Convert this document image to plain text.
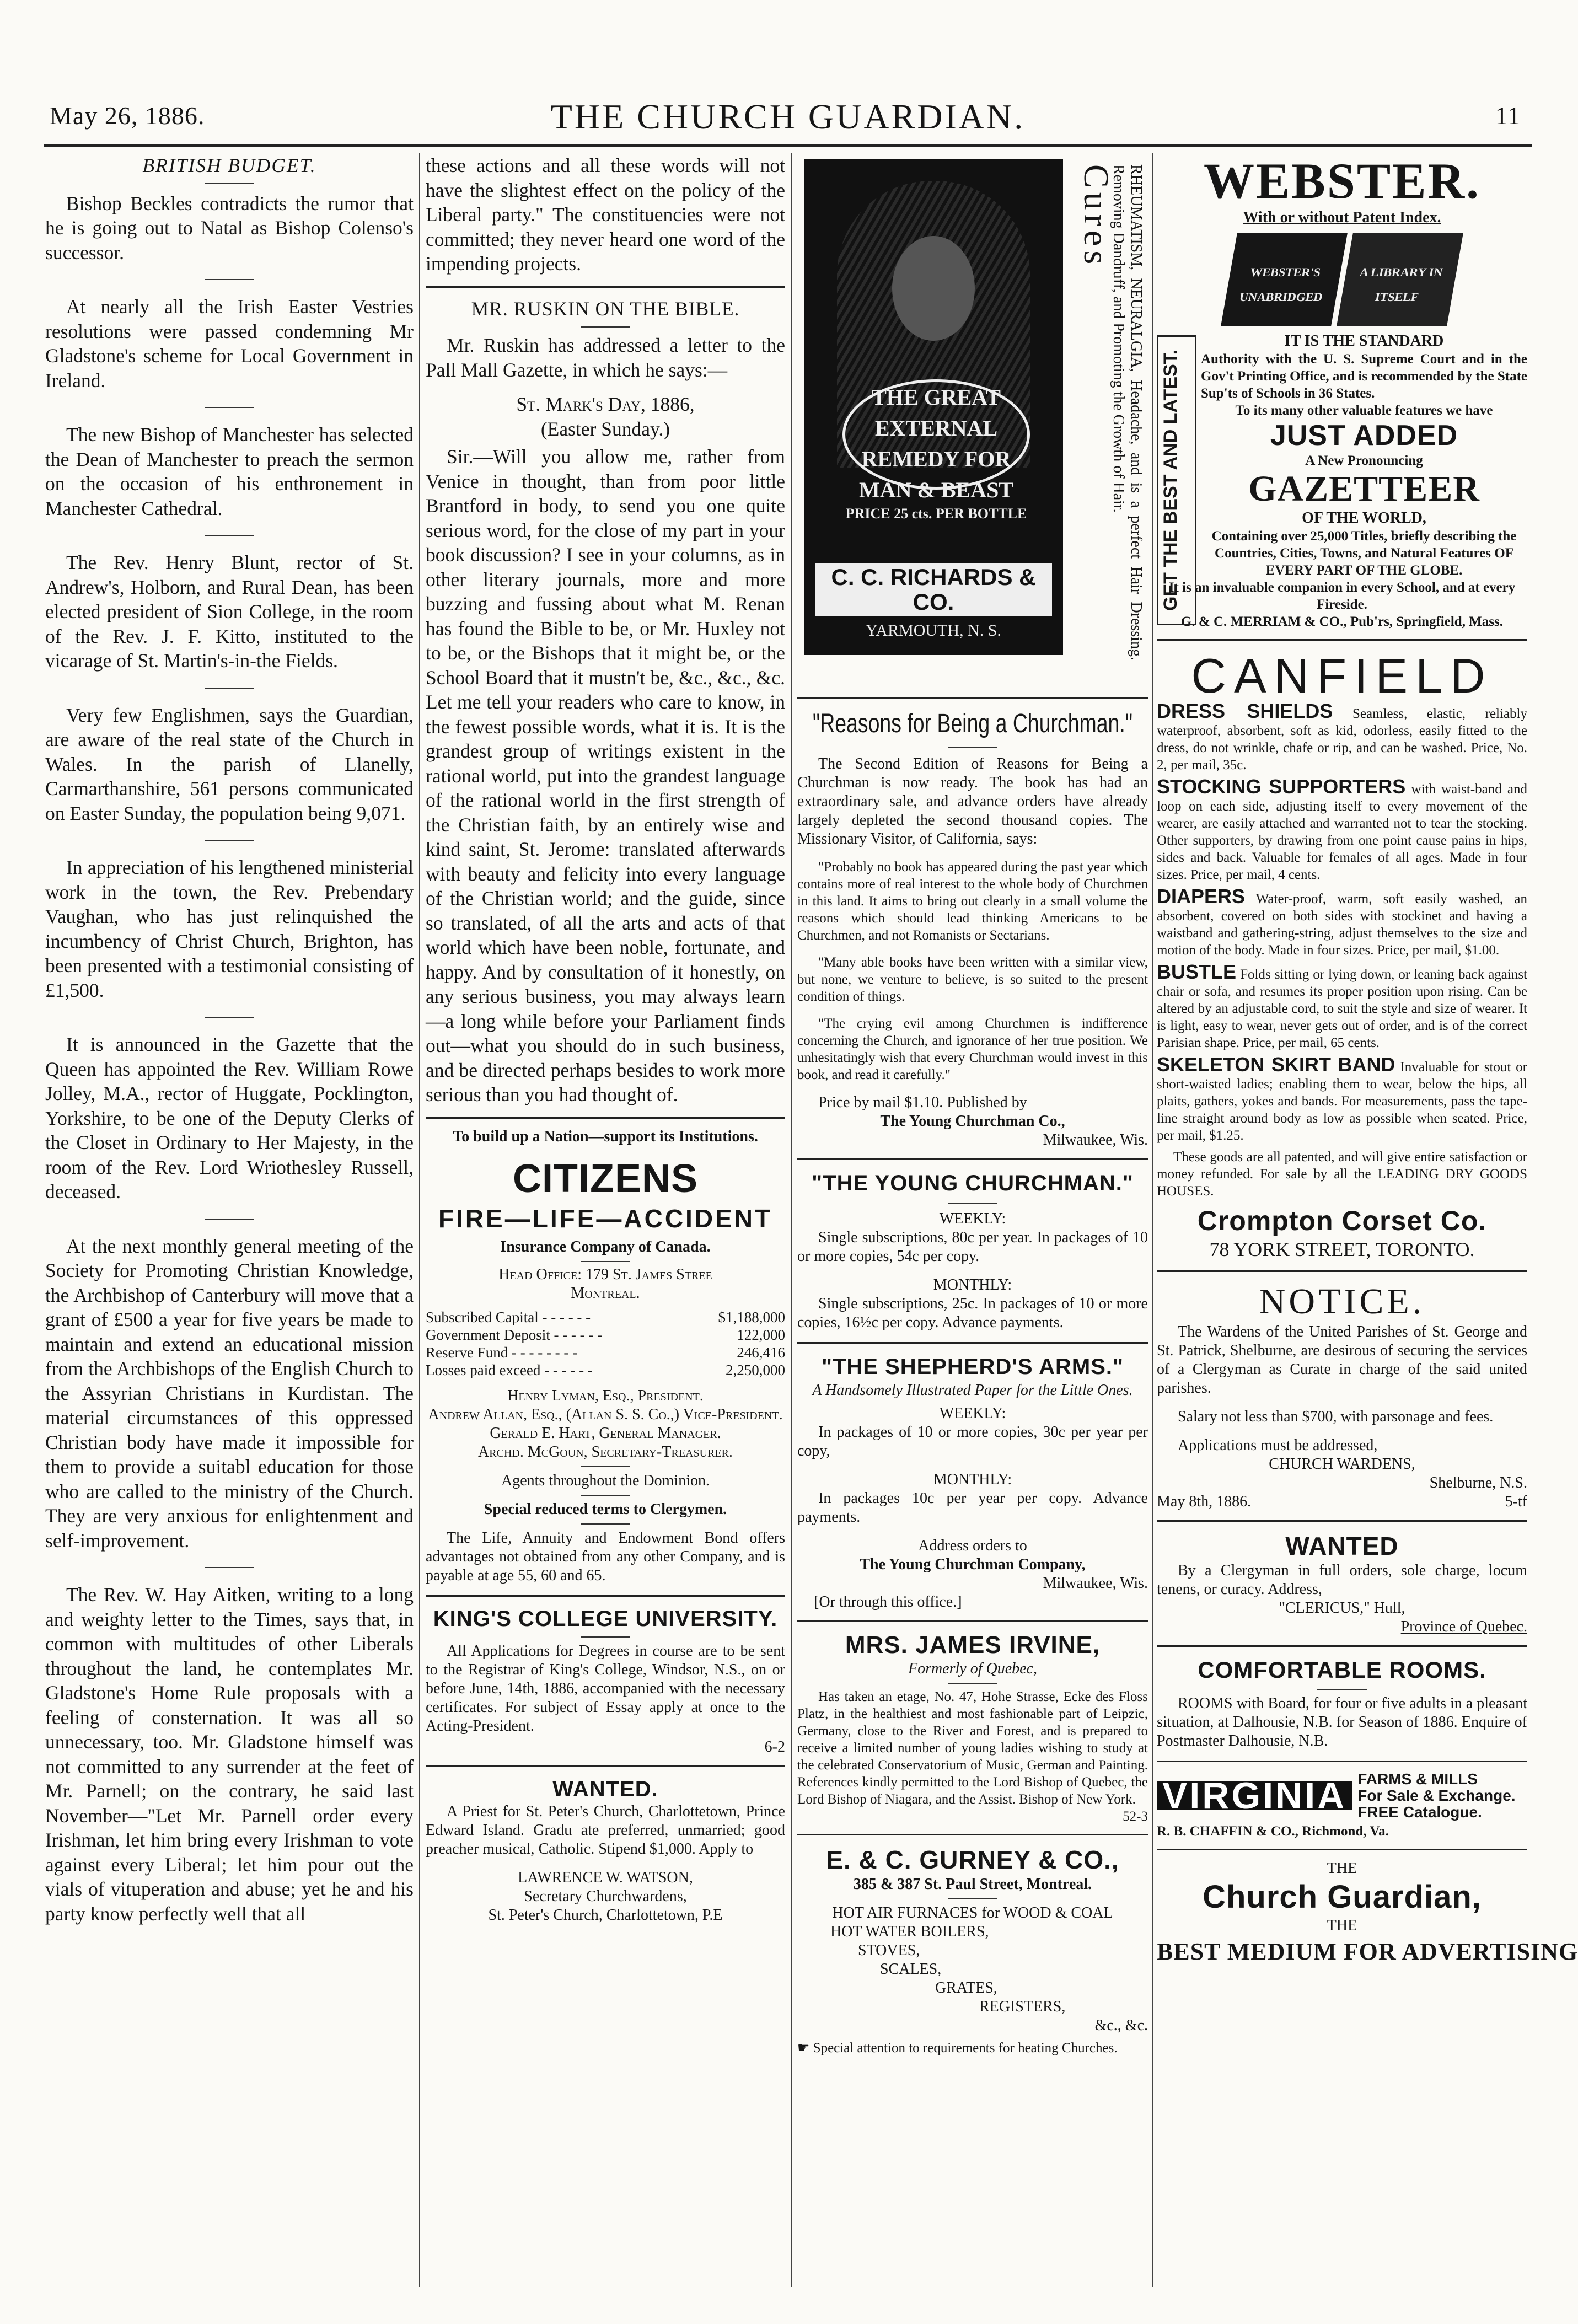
May 26, 1886.	THE CHURCH GUARDIAN.	11
BRITISH BUDGET.

Bishop Beckles contradicts the rumor that he is going out to Natal as Bishop Colenso's successor.

At nearly all the Irish Easter Vestries resolutions were passed condemning Mr Gladstone's scheme for Local Government in Ireland.

The new Bishop of Manchester has selected the Dean of Manchester to preach the sermon on the occasion of his enthronement in Manchester Cathedral.

The Rev. Henry Blunt, rector of St. Andrew's, Holborn, and Rural Dean, has been elected president of Sion College, in the room of the Rev. J. F. Kitto, instituted to the vicarage of St. Martin's-in-the Fields.

Very few Englishmen, says the Guardian, are aware of the real state of the Church in Wales. In the parish of Llanelly, Carmarthanshire, 561 persons communicated on Easter Sunday, the population being 9,071.

In appreciation of his lengthened ministerial work in the town, the Rev. Prebendary Vaughan, who has just relinquished the incumbency of Christ Church, Brighton, has been presented with a testimonial consisting of £1,500.

It is announced in the Gazette that the Queen has appointed the Rev. William Rowe Jolley, M.A., rector of Huggate, Pocklington, Yorkshire, to be one of the Deputy Clerks of the Closet in Ordinary to Her Majesty, in the room of the Rev. Lord Wriothesley Russell, deceased.

At the next monthly general meeting of the Society for Promoting Christian Knowledge, the Archbishop of Canterbury will move that a grant of £500 a year for five years be made to maintain and extend an educational mission from the Archbishops of the English Church to the Assyrian Christians in Kurdistan. The material circumstances of this oppressed Christian body have made it impossible for them to provide a suitabl education for those who are called to the ministry of the Church. They are very anxious for enlightenment and self-improvement.

The Rev. W. Hay Aitken, writing to a long and weighty letter to the Times, says that, in common with multitudes of other Liberals throughout the land, he contemplates Mr. Gladstone's Home Rule proposals with a feeling of consternation. It was all so unnecessary, too. Mr. Gladstone himself was not committed to any surrender at the feet of Mr. Parnell; on the contrary, he said last November—"Let Mr. Parnell order every Irishman, let him bring every Irishman to vote against every Liberal; let him pour out the vials of vituperation and abuse; yet he and his party know perfectly well that all

these actions and all these words will not have the slightest effect on the policy of the Liberal party." The constituencies were not committed; they never heard one word of the impending projects.

MR. RUSKIN ON THE BIBLE.

Mr. Ruskin has addressed a letter to the Pall Mall Gazette, in which he says:—

St. Mark's Day, 1886,
(Easter Sunday.)

Sir.—Will you allow me, rather from Venice in thought, than from poor little Brantford in body, to send you one quite serious word, for the close of my part in your book discussion? I see in your columns, as in other literary journals, more and more buzzing and fussing about what M. Renan has found the Bible to be, or Mr. Huxley not to be, or the Bishops that it might be, or the School Board that it mustn't be, &c., &c., &c. Let me tell your readers who care to know, in the fewest possible words, what it is. It is the grandest group of writings existent in the rational world, put into the grandest language of the rational world in the first strength of the Christian faith, by an entirely wise and kind saint, St. Jerome: translated afterwards with beauty and felicity into every language of the Christian world; and the guide, since so translated, of all the arts and acts of that world which have been noble, fortunate, and happy. And by consultation of it honestly, on any serious business, you may always learn—a long while before your Parliament finds out—what you should do in such business, and be directed perhaps besides to work more serious than you had thought of.

To build up a Nation—support its Institutions.
CITIZENS
FIRE—LIFE—ACCIDENT
Insurance Company of Canada.
Head Office: 179 St. James Stree
Montreal.
Subscribed Capital - - - - - -	$1,188,000
Government Deposit - - - - - -	122,000
Reserve Fund - - - - - - - -	246,416
Losses paid exceed - - - - - -	2,250,000
Henry Lyman, Esq., President.
Andrew Allan, Esq., (Allan S. S. Co.,) Vice-President.
Gerald E. Hart, General Manager.
Archd. McGoun, Secretary-Treasurer.
Agents throughout the Dominion.
Special reduced terms to Clergymen.

The Life, Annuity and Endowment Bond offers advantages not obtained from any other Company, and is payable at age 55, 60 and 65.

KING'S COLLEGE UNIVERSITY.

All Applications for Degrees in course are to be sent to the Registrar of King's College, Windsor, N.S., on or before June, 14th, 1886, accompanied with the necessary certificates. For subject of Essay apply at once to the Acting-President.

6-2
WANTED.

A Priest for St. Peter's Church, Charlottetown, Prince Edward Island. Gradu ate preferred, unmarried; good preacher musical, Catholic. Stipend $1,000. Apply to

LAWRENCE W. WATSON,
Secretary Churchwardens,
St. Peter's Church, Charlottetown, P.E
THE GREAT EXTERNAL REMEDY FOR MAN & BEAST
PRICE 25 cts. PER BOTTLE
C. C. RICHARDS & CO.
YARMOUTH, N. S.
Cures RHEUMATISM, NEURALGIA, Headache, and is a perfect Hair Dressing. Removing Dandruff, and Promoting the Growth of Hair.
"Reasons for Being a Churchman."

The Second Edition of Reasons for Being a Churchman is now ready. The book has had an extraordinary sale, and advance orders have already largely depleted the second thousand copies. The Missionary Visitor, of California, says:

"Probably no book has appeared during the past year which contains more of real interest to the whole body of Churchmen in this land. It aims to bring out clearly in a small volume the reasons which should lead thinking Americans to be Churchmen, and not Romanists or Sectarians.

"Many able books have been written with a similar view, but none, we venture to believe, is so suited to the present condition of things.

"The crying evil among Churchmen is indifference concerning the Church, and ignorance of her true position. We unhesitatingly wish that every Churchman would invest in this book, and read it carefully."

Price by mail $1.10. Published by

The Young Churchman Co.,
Milwaukee, Wis.
"THE YOUNG CHURCHMAN."
WEEKLY:

Single subscriptions, 80c per year. In packages of 10 or more copies, 54c per copy.

MONTHLY:

Single subscriptions, 25c. In packages of 10 or more copies, 16½c per copy. Advance payments.

"THE SHEPHERD'S ARMS."
A Handsomely Illustrated Paper for the Little Ones.
WEEKLY:

In packages of 10 or more copies, 30c per year per copy,

MONTHLY:

In packages 10c per year per copy. Advance payments.

Address orders to
The Young Churchman Company,
Milwaukee, Wis.
[Or through this office.]
MRS. JAMES IRVINE,
Formerly of Quebec,

Has taken an etage, No. 47, Hohe Strasse, Ecke des Floss Platz, in the healthiest and most fashionable part of Leipzic, Germany, close to the River and Forest, and is prepared to receive a limited number of young ladies wishing to study at the celebrated Conservatorium of Music, German and Painting. References kindly permitted to the Lord Bishop of Quebec, the Lord Bishop of Niagara, and the Assist. Bishop of New York.

52-3
E. & C. GURNEY & CO.,
385 & 387 St. Paul Street, Montreal.
HOT AIR FURNACES for WOOD & COAL
HOT WATER BOILERS,
STOVES,
SCALES,
GRATES,
REGISTERS,
&c., &c.
☛ Special attention to requirements for heating Churches.
WEBSTER.
With or without Patent Index.
WEBSTER'S UNABRIDGED
A LIBRARY IN ITSELF
GET THE BEST AND LATEST.
IT IS THE STANDARD
Authority with the U. S. Supreme Court and in the Gov't Printing Office, and is recommended by the State Sup'ts of Schools in 36 States.
To its many other valuable features we have
JUST ADDED
A New Pronouncing
GAZETTEER
OF THE WORLD,
Containing over 25,000 Titles, briefly describing the Countries, Cities, Towns, and Natural Features OF EVERY PART OF THE GLOBE.
It is an invaluable companion in every School, and at every Fireside.
G. & C. MERRIAM & CO., Pub'rs, Springfield, Mass.
CANFIELD
DRESS SHIELDS Seamless, elastic, reliably waterproof, absorbent, soft as kid, odorless, easily fitted to the dress, do not wrinkle, chafe or rip, and can be washed. Price, No. 2, per mail, 35c.
STOCKING SUPPORTERS with waist-band and loop on each side, adjusting itself to every movement of the wearer, are easily attached and warranted not to tear the stocking. Other supporters, by drawing from one point cause pains in hips, sides and back. Valuable for females of all ages. Made in four sizes. Price, per mail, 4 cents.
DIAPERS Water-proof, warm, soft easily washed, an absorbent, covered on both sides with stockinet and having a waistband and gathering-string, adjust themselves to the size and motion of the body. Made in four sizes. Price, per mail, $1.00.
BUSTLE Folds sitting or lying down, or leaning back against chair or sofa, and resumes its proper position upon rising. Can be altered by an adjustable cord, to suit the style and size of wearer. It is light, easy to wear, never gets out of order, and is of the correct Parisian shape. Price, per mail, 65 cents.
SKELETON SKIRT BAND Invaluable for stout or short-waisted ladies; enabling them to wear, below the hips, all plaits, gathers, yokes and bands. For measurements, pass the tape-line straight around body as low as possible when seated. Price, per mail, $1.25.
These goods are all patented, and will give entire satisfaction or money refunded. For sale by all the LEADING DRY GOODS HOUSES.
Crompton Corset Co.
78 YORK STREET, TORONTO.
NOTICE.

The Wardens of the United Parishes of St. George and St. Patrick, Shelburne, are desirous of securing the services of a Clergyman as Curate in charge of the said united parishes.

Salary not less than $700, with parsonage and fees.

Applications must be addressed,

CHURCH WARDENS,
Shelburne, N.S.
May 8th, 1886.	5-tf
WANTED

By a Clergyman in full orders, sole charge, locum tenens, or curacy. Address,

"CLERICUS," Hull,
Province of Quebec.
COMFORTABLE ROOMS.

ROOMS with Board, for four or five adults in a pleasant situation, at Dalhousie, N.B. for Season of 1886. Enquire of Postmaster Dalhousie, N.B.

VIRGINIA FARMS & MILLS
For Sale & Exchange.
FREE Catalogue.
R. B. CHAFFIN & CO., Richmond, Va.
THE
Church Guardian,
THE
BEST MEDIUM FOR ADVERTISING
